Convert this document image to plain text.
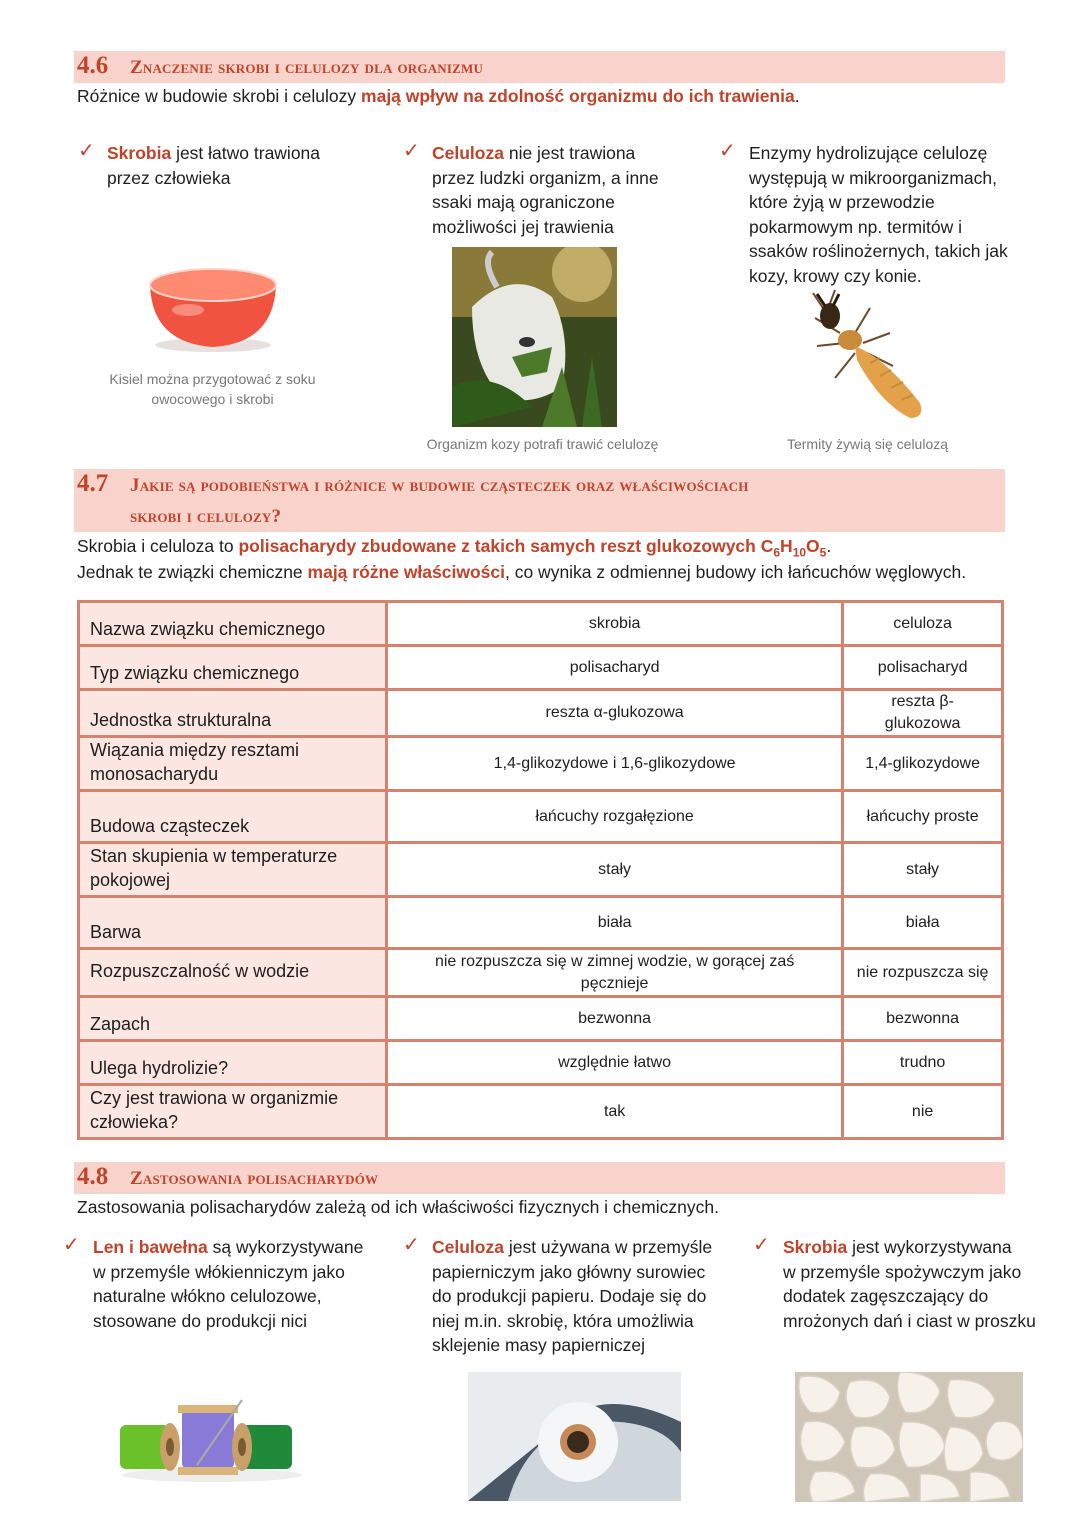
4.6 Znaczenie skrobi i celulozy dla organizmu
Różnice w budowie skrobi i celulozy mają wpływ na zdolność organizmu do ich trawienia.
✓ Skrobia jest łatwo trawiona
przez człowieka
Kisiel można przygotować z soku
owocowego i skrobi
✓ Celuloza nie jest trawiona
przez ludzki organizm, a inne
ssaki mają ograniczone
możliwości jej trawienia
Organizm kozy potrafi trawić celulozę
✓ Enzymy hydrolizujące celulozę
występują w mikroorganizmach,
które żyją w przewodzie
pokarmowym np. termitów i
ssaków roślinożernych, takich jak
kozy, krowy czy konie.
Termity żywią się celulozą
4.7 Jakie są podobieństwa i różnice w budowie cząsteczek oraz właściwościach
skrobi i celulozy?
Skrobia i celuloza to polisacharydy zbudowane z takich samych reszt glukozowych $C_6H_{10}O_5$.
Jednak te związki chemiczne mają różne właściwości, co wynika z odmiennej budowy ich łańcuchów węglowych.
Nazwa związku chemicznego	skrobia	celuloza
Typ związku chemicznego	polisacharyd	polisacharyd
Jednostka strukturalna	reszta α-glukozowa	reszta β-glukozowa
Wiązania między resztami monosacharydu	1,4-glikozydowe i 1,6-glikozydowe	1,4-glikozydowe
Budowa cząsteczek	łańcuchy rozgałęzione	łańcuchy proste
Stan skupienia w temperaturze pokojowej	stały	stały
Barwa	biała	biała
Rozpuszczalność w wodzie	nie rozpuszcza się w zimnej wodzie, w gorącej zaś pęcznieje	nie rozpuszcza się
Zapach	bezwonna	bezwonna
Ulega hydrolizie?	względnie łatwo	trudno
Czy jest trawiona w organizmie człowieka?	tak	nie
4.8 Zastosowania polisacharydów
Zastosowania polisacharydów zależą od ich właściwości fizycznych i chemicznych.
✓ Len i bawełna są wykorzystywane
w przemyśle włókienniczym jako
naturalne włókno celulozowe,
stosowane do produkcji nici
✓ Celuloza jest używana w przemyśle
papierniczym jako główny surowiec
do produkcji papieru. Dodaje się do
niej m.in. skrobię, która umożliwia
sklejenie masy papierniczej
✓ Skrobia jest wykorzystywana
w przemyśle spożywczym jako
dodatek zagęszczający do
mrożonych dań i ciast w proszku
